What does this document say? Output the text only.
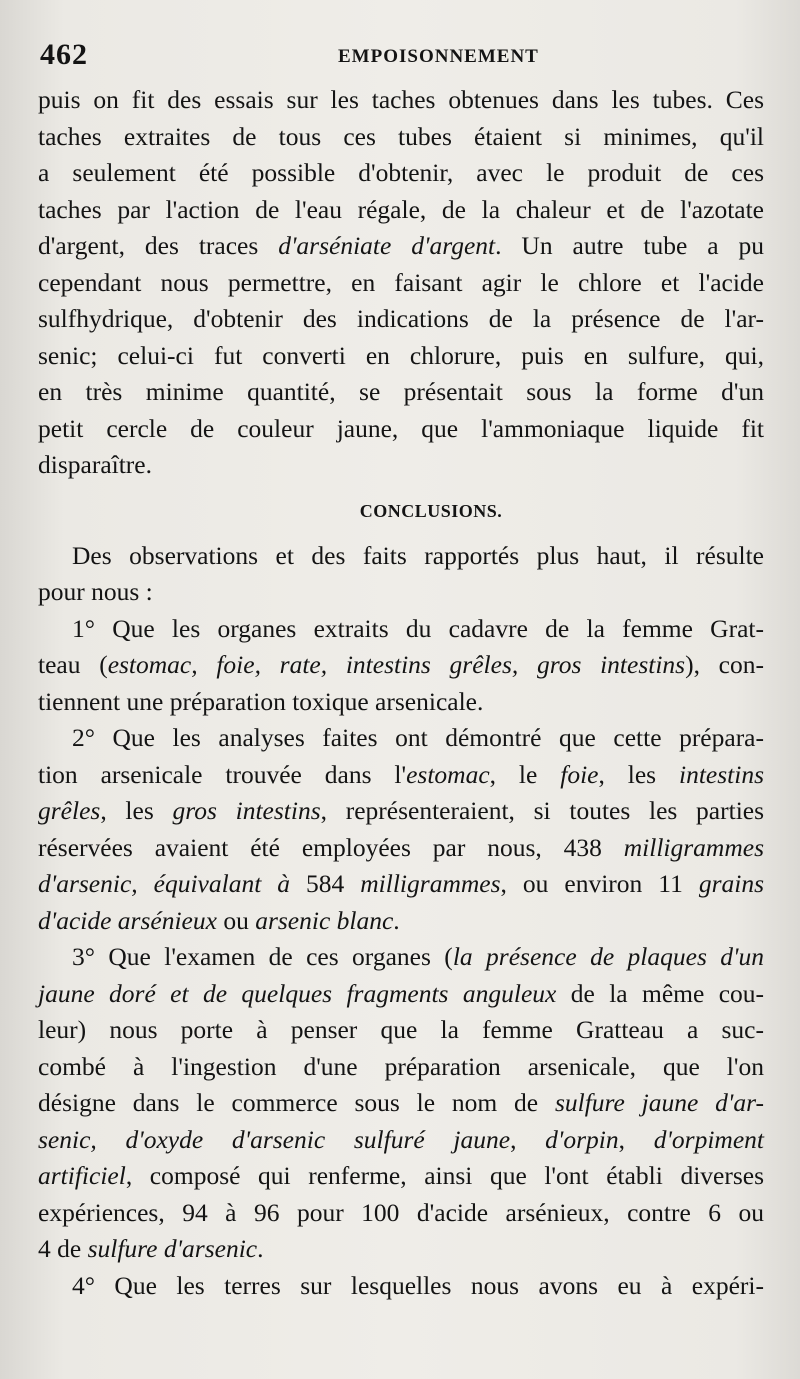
462	EMPOISONNEMENT
puis on fit des essais sur les taches obtenues dans les tubes. Ces
taches extraites de tous ces tubes étaient si minimes, qu'il
a seulement été possible d'obtenir, avec le produit de ces
taches par l'action de l'eau régale, de la chaleur et de l'azotate
d'argent, des traces d'arséniate d'argent. Un autre tube a pu
cependant nous permettre, en faisant agir le chlore et l'acide
sulfhydrique, d'obtenir des indications de la présence de l'ar-
senic; celui-ci fut converti en chlorure, puis en sulfure, qui,
en très minime quantité, se présentait sous la forme d'un
petit cercle de couleur jaune, que l'ammoniaque liquide fit
disparaître.
CONCLUSIONS.
Des observations et des faits rapportés plus haut, il résulte
pour nous :
1° Que les organes extraits du cadavre de la femme Grat-
teau (estomac, foie, rate, intestins grêles, gros intestins), con-
tiennent une préparation toxique arsenicale.
2° Que les analyses faites ont démontré que cette prépara-
tion arsenicale trouvée dans l'estomac, le foie, les intestins
grêles, les gros intestins, représenteraient, si toutes les parties
réservées avaient été employées par nous, 438 milligrammes
d'arsenic, équivalant à 584 milligrammes, ou environ 11 grains
d'acide arsénieux ou arsenic blanc.
3° Que l'examen de ces organes (la présence de plaques d'un
jaune doré et de quelques fragments anguleux de la même cou-
leur) nous porte à penser que la femme Gratteau a suc-
combé à l'ingestion d'une préparation arsenicale, que l'on
désigne dans le commerce sous le nom de sulfure jaune d'ar-
senic, d'oxyde d'arsenic sulfuré jaune, d'orpin, d'orpiment
artificiel, composé qui renferme, ainsi que l'ont établi diverses
expériences, 94 à 96 pour 100 d'acide arsénieux, contre 6 ou
4 de sulfure d'arsenic.
4° Que les terres sur lesquelles nous avons eu à expéri-
